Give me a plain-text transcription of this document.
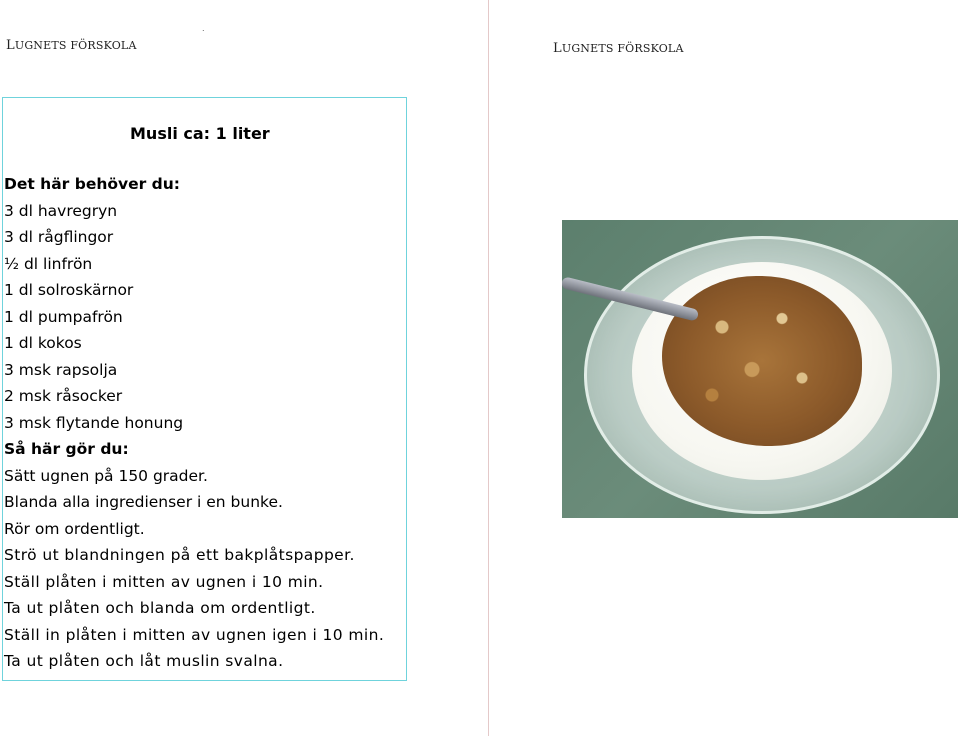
.
LUGNETS FÖRSKOLA	LUGNETS FÖRSKOLA
Musli ca: 1 liter
Det här behöver du:
3 dl havregryn
3 dl rågflingor
½ dl linfrön
1 dl solroskärnor
1 dl pumpafrön
1 dl kokos
3 msk rapsolja
2 msk råsocker
3 msk flytande honung
Så här gör du:
Sätt ugnen på 150 grader.
Blanda alla ingredienser i en bunke.
Rör om ordentligt.
Strö ut blandningen på ett bakplåtspapper.
Ställ plåten i mitten av ugnen i 10 min.
Ta ut plåten och blanda om ordentligt.
Ställ in plåten i mitten av ugnen igen i 10 min.
Ta ut plåten och låt muslin svalna.
